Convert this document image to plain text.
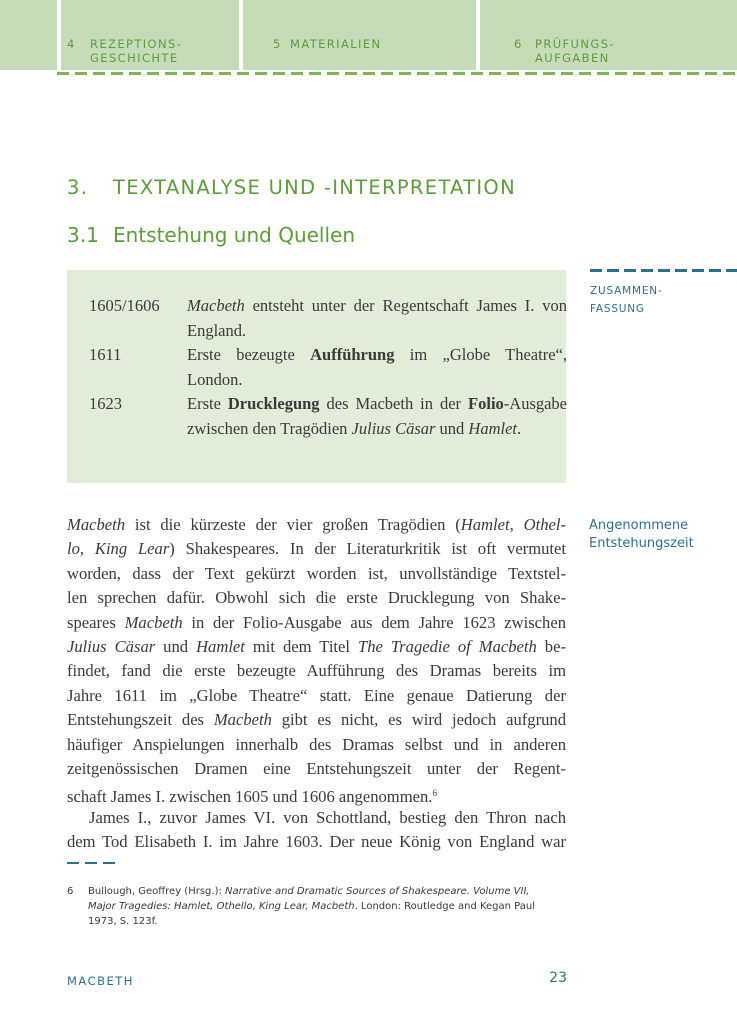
4 REZEPTIONS-
GESCHICHTE
5 MATERIALIEN	6 PRÜFUNGS-
AUFGABEN
3. TEXTANALYSE UND -INTERPRETATION
3.1 Entstehung und Quellen
1605/1606	Macbeth entsteht unter der Regentschaft James I. von England.
1611	Erste bezeugte Aufführung im „Globe Theatre“, London.
1623	Erste Drucklegung des Macbeth in der Folio-Ausgabe zwischen den Tragödien Julius Cäsar und Hamlet.
ZUSAMMEN-
FASSUNG
Angenommene
Entstehungszeit
Macbeth ist die kürzeste der vier großen Tragödien (Hamlet, Othel-
lo, King Lear) Shakespeares. In der Literaturkritik ist oft vermutet
worden, dass der Text gekürzt worden ist, unvollständige Textstel-
len sprechen dafür. Obwohl sich die erste Drucklegung von Shake-
speares Macbeth in der Folio-Ausgabe aus dem Jahre 1623 zwischen
Julius Cäsar und Hamlet mit dem Titel The Tragedie of Macbeth be-
findet, fand die erste bezeugte Aufführung des Dramas bereits im
Jahre 1611 im „Globe Theatre“ statt. Eine genaue Datierung der
Entstehungszeit des Macbeth gibt es nicht, es wird jedoch aufgrund
häufiger Anspielungen innerhalb des Dramas selbst und in anderen
zeitgenössischen Dramen eine Entstehungszeit unter der Regent-
schaft James I. zwischen 1605 und 1606 angenommen.$^6$
James I., zuvor James VI. von Schottland, bestieg den Thron nach
dem Tod Elisabeth I. im Jahre 1603. Der neue König von England war
6 Bullough, Geoffrey (Hrsg.): Narrative and Dramatic Sources of Shakespeare. Volume VII, Major Tragedies: Hamlet, Othello, King Lear, Macbeth. London: Routledge and Kegan Paul 1973, S. 123f.
MACBETH	23
